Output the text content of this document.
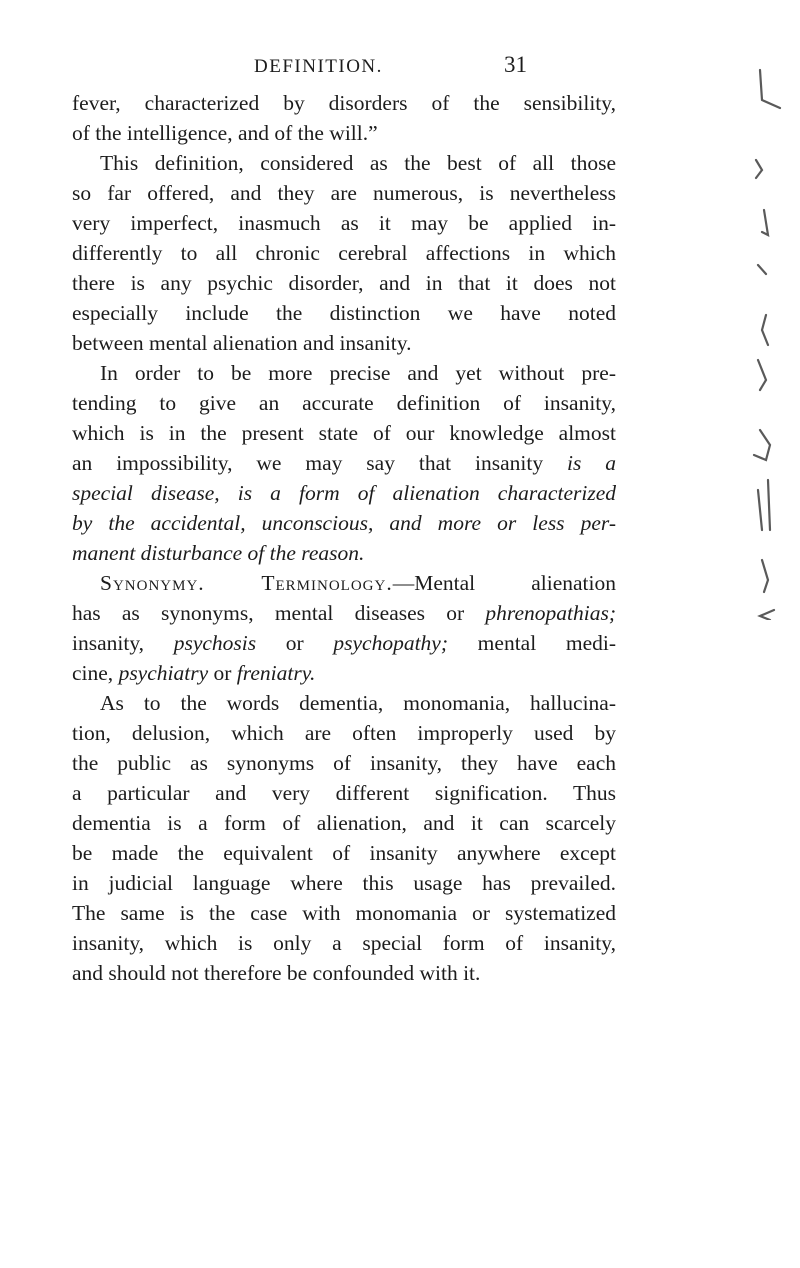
DEFINITION.	31
fever, characterized by disorders of the sensibility,
of the intelligence, and of the will.”
This definition, considered as the best of all those
so far offered, and they are numerous, is nevertheless
very imperfect, inasmuch as it may be applied in-
differently to all chronic cerebral affections in which
there is any psychic disorder, and in that it does not
especially include the distinction we have noted
between mental alienation and insanity.
In order to be more precise and yet without pre-
tending to give an accurate definition of insanity,
which is in the present state of our knowledge almost
an impossibility, we may say that insanity is a
special disease, is a form of alienation characterized
by the accidental, unconscious, and more or less per-
manent disturbance of the reason.
Synonymy. Terminology.—Mental alienation
has as synonyms, mental diseases or phrenopathias;
insanity, psychosis or psychopathy; mental medi-
cine, psychiatry or freniatry.
As to the words dementia, monomania, hallucina-
tion, delusion, which are often improperly used by
the public as synonyms of insanity, they have each
a particular and very different signification. Thus
dementia is a form of alienation, and it can scarcely
be made the equivalent of insanity anywhere except
in judicial language where this usage has prevailed.
The same is the case with monomania or systematized
insanity, which is only a special form of insanity,
and should not therefore be confounded with it.
